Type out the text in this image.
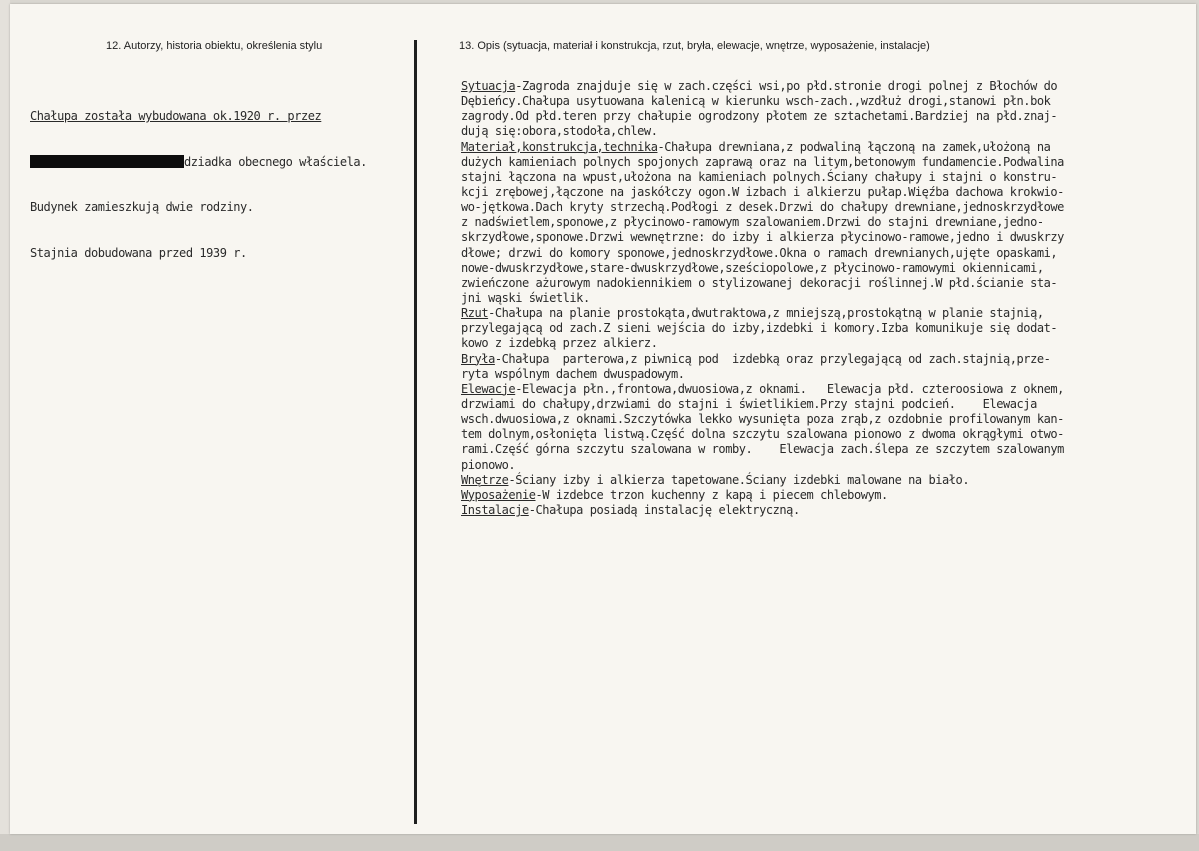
12. Autorzy, historia obiektu, określenia stylu	13. Opis (sytuacja, materiał i konstrukcja, rzut, bryła, elewacje, wnętrze, wyposażenie, instalacje)

Chałupa została wybudowana ok.1920 r. przez

dziadka obecnego właściela.

Budynek zamieszkują dwie rodziny.

Stajnia dobudowana przed 1939 r.

Sytuacja-Zagroda znajduje się w zach.części wsi,po płd.stronie drogi polnej z Błochów do
Dębieńcy.Chałupa usytuowana kalenicą w kierunku wsch-zach.,wzdłuż drogi,stanowi płn.bok
zagrody.Od płd.teren przy chałupie ogrodzony płotem ze sztachetami.Bardziej na płd.znaj-
dują się:obora,stodoła,chlew.
Materiał,konstrukcja,technika-Chałupa drewniana,z podwaliną łączoną na zamek,ułożoną na
dużych kamieniach polnych spojonych zaprawą oraz na litym,betonowym fundamencie.Podwalina
stajni łączona na wpust,ułożona na kamieniach polnych.Ściany chałupy i stajni o konstru-
kcji zrębowej,łączone na jaskółczy ogon.W izbach i alkierzu pułap.Więźba dachowa krokwio-
wo-jętkowa.Dach kryty strzechą.Podłogi z desek.Drzwi do chałupy drewniane,jednoskrzydłowe
z nadświetlem,sponowe,z płycinowo-ramowym szalowaniem.Drzwi do stajni drewniane,jedno-
skrzydłowe,sponowe.Drzwi wewnętrzne: do izby i alkierza płycinowo-ramowe,jedno i dwuskrzy
dłowe; drzwi do komory sponowe,jednoskrzydłowe.Okna o ramach drewnianych,ujęte opaskami,
nowe-dwuskrzydłowe,stare-dwuskrzydłowe,sześciopolowe,z płycinowo-ramowymi okiennicami,
zwieńczone ażurowym nadokiennikiem o stylizowanej dekoracji roślinnej.W płd.ścianie sta-
jni wąski świetlik.
Rzut-Chałupa na planie prostokąta,dwutraktowa,z mniejszą,prostokątną w planie stajnią,
przylegającą od zach.Z sieni wejścia do izby,izdebki i komory.Izba komunikuje się dodat-
kowo z izdebką przez alkierz.
Bryła-Chałupa  parterowa,z piwnicą pod  izdebką oraz przylegającą od zach.stajnią,prze-
ryta wspólnym dachem dwuspadowym.
Elewacje-Elewacja płn.,frontowa,dwuosiowa,z oknami.   Elewacja płd. czteroosiowa z oknem,
drzwiami do chałupy,drzwiami do stajni i świetlikiem.Przy stajni podcień.    Elewacja
wsch.dwuosiowa,z oknami.Szczytówka lekko wysunięta poza zrąb,z ozdobnie profilowanym kan-
tem dolnym,osłonięta listwą.Część dolna szczytu szalowana pionowo z dwoma okrągłymi otwo-
rami.Część górna szczytu szalowana w romby.    Elewacja zach.ślepa ze szczytem szalowanym
pionowo.
Wnętrze-Ściany izby i alkierza tapetowane.Ściany izdebki malowane na biało.
Wyposażenie-W izdebce trzon kuchenny z kapą i piecem chlebowym.
Instalacje-Chałupa posiadą instalację elektryczną.
